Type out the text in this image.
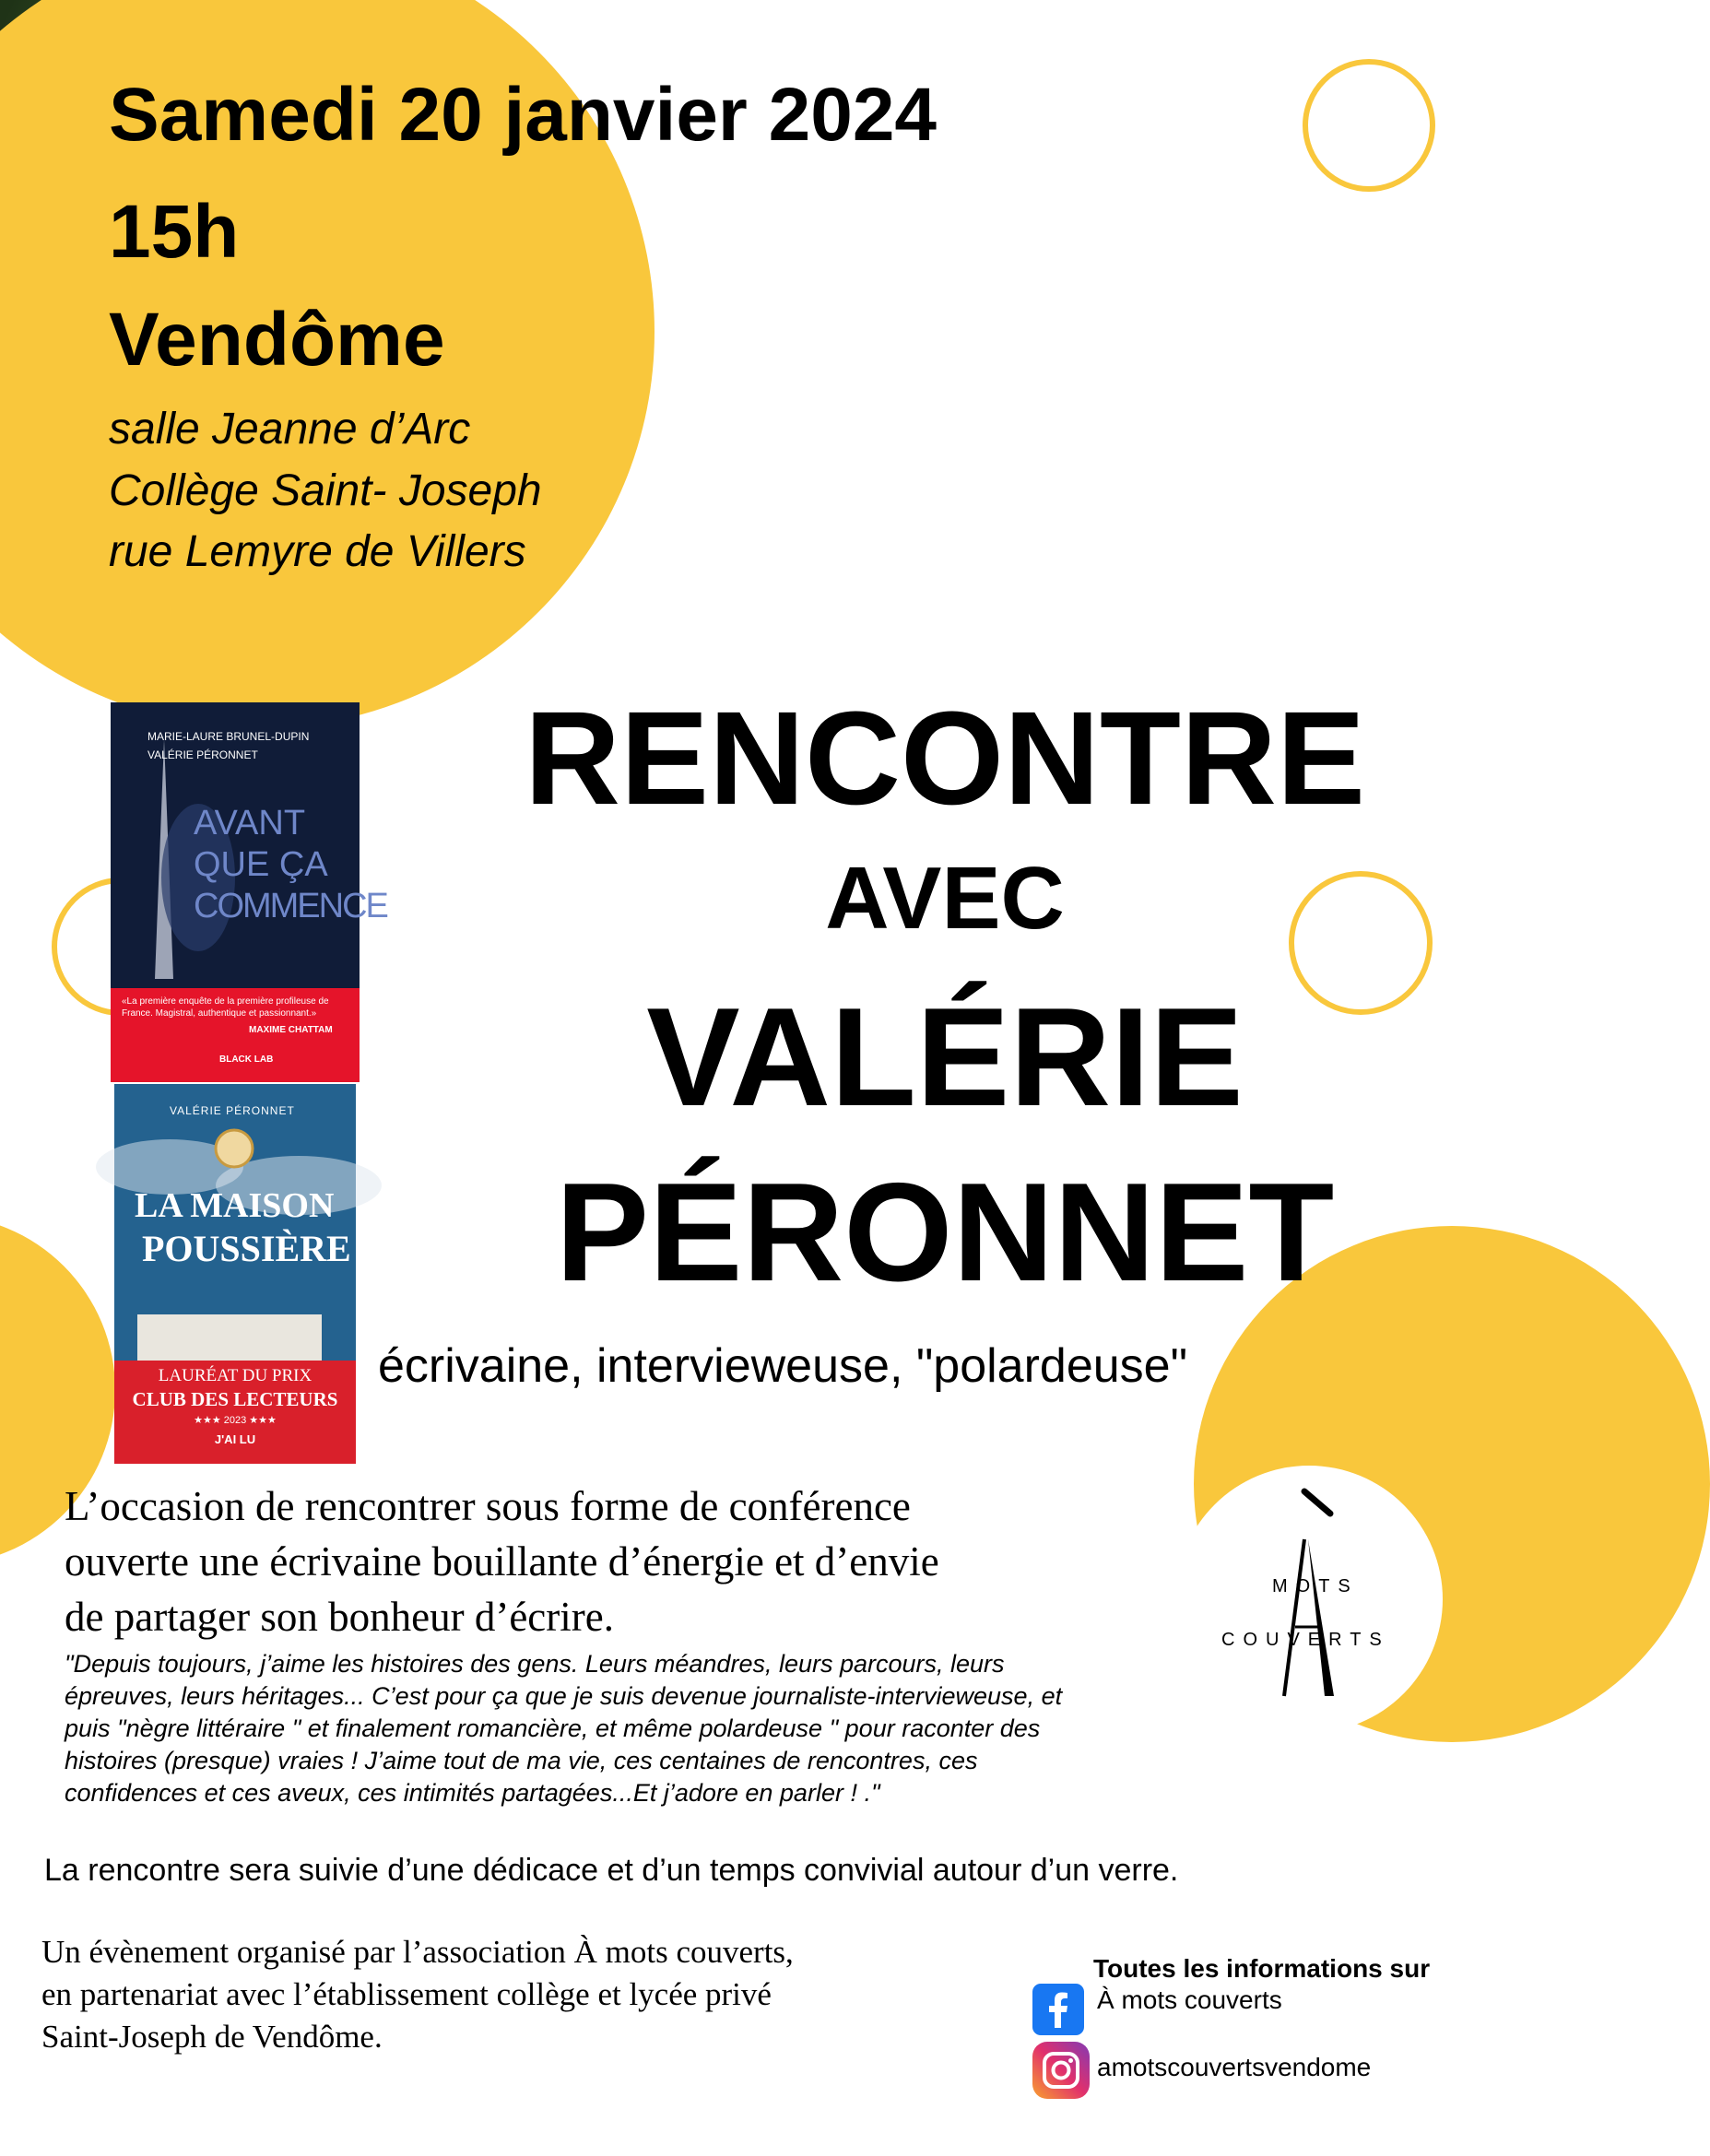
Samedi 20 janvier 2024
15h
Vendôme
salle Jeanne d’Arc
Collège Saint- Joseph
rue Lemyre de Villers
RENCONTRE
AVEC
VALÉRIE
PÉRONNET
écrivaine, intervieweuse, "polardeuse"
MARIE-LAURE BRUNEL-DUPIN
VALÉRIE PÉRONNET
AVANT
QUE ÇA
COMMENCE
«La première enquête de la première profileuse de France. Magistral, authentique et passionnant.»
MAXIME CHATTAM
BLACK LAB
VALÉRIE PÉRONNET
LA MAISON
POUSSIÈRE
LAURÉAT DU PRIX
CLUB DES LECTEURS
★★★ 2023 ★★★
J'AI LU
L’occasion de rencontrer sous forme de conférence
ouverte une écrivaine bouillante d’énergie et d’envie
de partager son bonheur d’écrire.
"Depuis toujours, j’aime les histoires des gens. Leurs méandres, leurs parcours, leurs
épreuves, leurs héritages... C’est pour ça que je suis devenue journaliste-intervieweuse, et
puis "nègre littéraire " et finalement romancière, et même polardeuse " pour raconter des
histoires (presque) vraies ! J’aime tout de ma vie, ces centaines de rencontres, ces
confidences et ces aveux, ces intimités partagées...Et j’adore en parler ! ."
MOTS
COUVERTS
La rencontre sera suivie d’une dédicace et d’un temps convivial autour d’un verre.
Un évènement organisé par l’association À mots couverts,
en partenariat avec l’établissement collège et lycée privé
Saint-Joseph de Vendôme.
Toutes les informations sur
À mots couverts
amotscouvertsvendome
